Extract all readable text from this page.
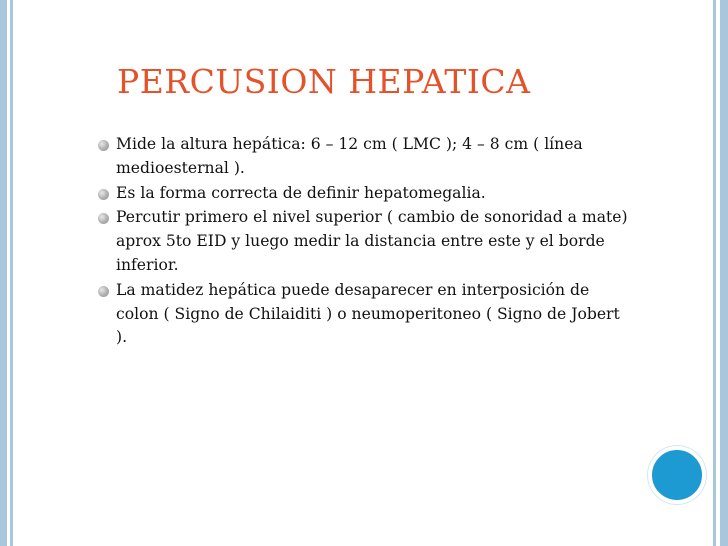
PERCUSION HEPATICA
Mide la altura hepática: 6 – 12 cm ( LMC ); 4 – 8 cm ( línea medioesternal ).
Es la forma correcta de definir hepatomegalia.
Percutir primero el nivel superior ( cambio de sonoridad a mate) aprox 5to EID y luego medir la distancia entre este y el borde inferior.
La matidez hepática puede desaparecer en interposición de colon ( Signo de Chilaiditi ) o neumoperitoneo ( Signo de Jobert ).
